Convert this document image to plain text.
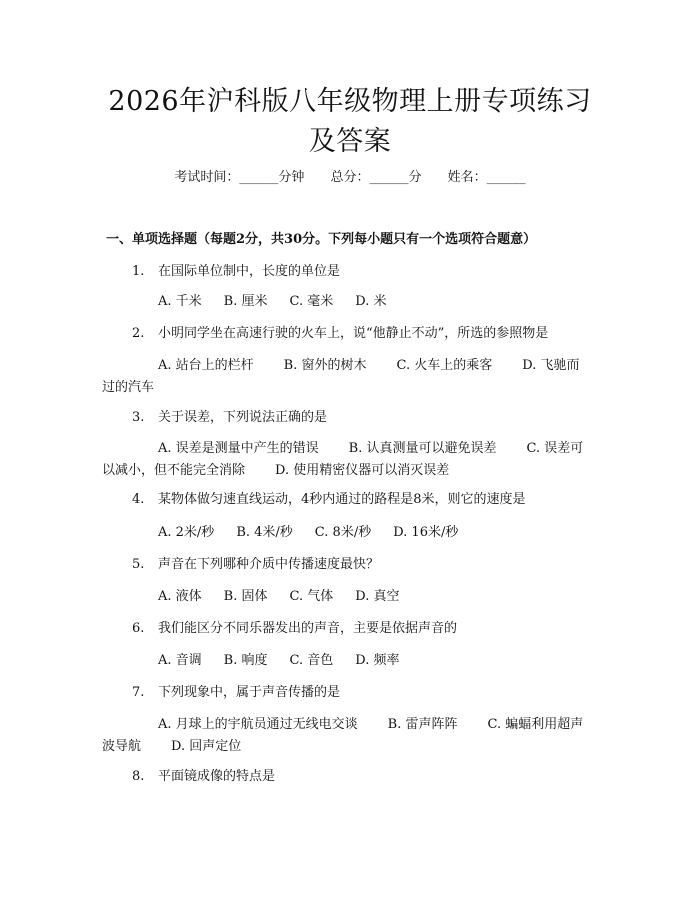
2026年沪科版八年级物理上册专项练习及答案
考试时间：______分钟 总分：______分 姓名：______
一、单项选择题（每题2分，共30分。下列每小题只有一个选项符合题意）
1. 在国际单位制中，长度的单位是
A. 千米 B. 厘米 C. 毫米 D. 米
2. 小明同学坐在高速行驶的火车上，说“他静止不动”，所选的参照物是
A. 站台上的栏杆 B. 窗外的树木 C. 火车上的乘客 D. 飞驰而过的汽车
3. 关于误差，下列说法正确的是
A. 误差是测量中产生的错误 B. 认真测量可以避免误差 C. 误差可以减小，但不能完全消除 D. 使用精密仪器可以消灭误差
4. 某物体做匀速直线运动，4秒内通过的路程是8米，则它的速度是
A. 2米/秒 B. 4米/秒 C. 8米/秒 D. 16米/秒
5. 声音在下列哪种介质中传播速度最快？
A. 液体 B. 固体 C. 气体 D. 真空
6. 我们能区分不同乐器发出的声音，主要是依据声音的
A. 音调 B. 响度 C. 音色 D. 频率
7. 下列现象中，属于声音传播的是
A. 月球上的宇航员通过无线电交谈 B. 雷声阵阵 C. 蝙蝠利用超声波导航 D. 回声定位
8. 平面镜成像的特点是
